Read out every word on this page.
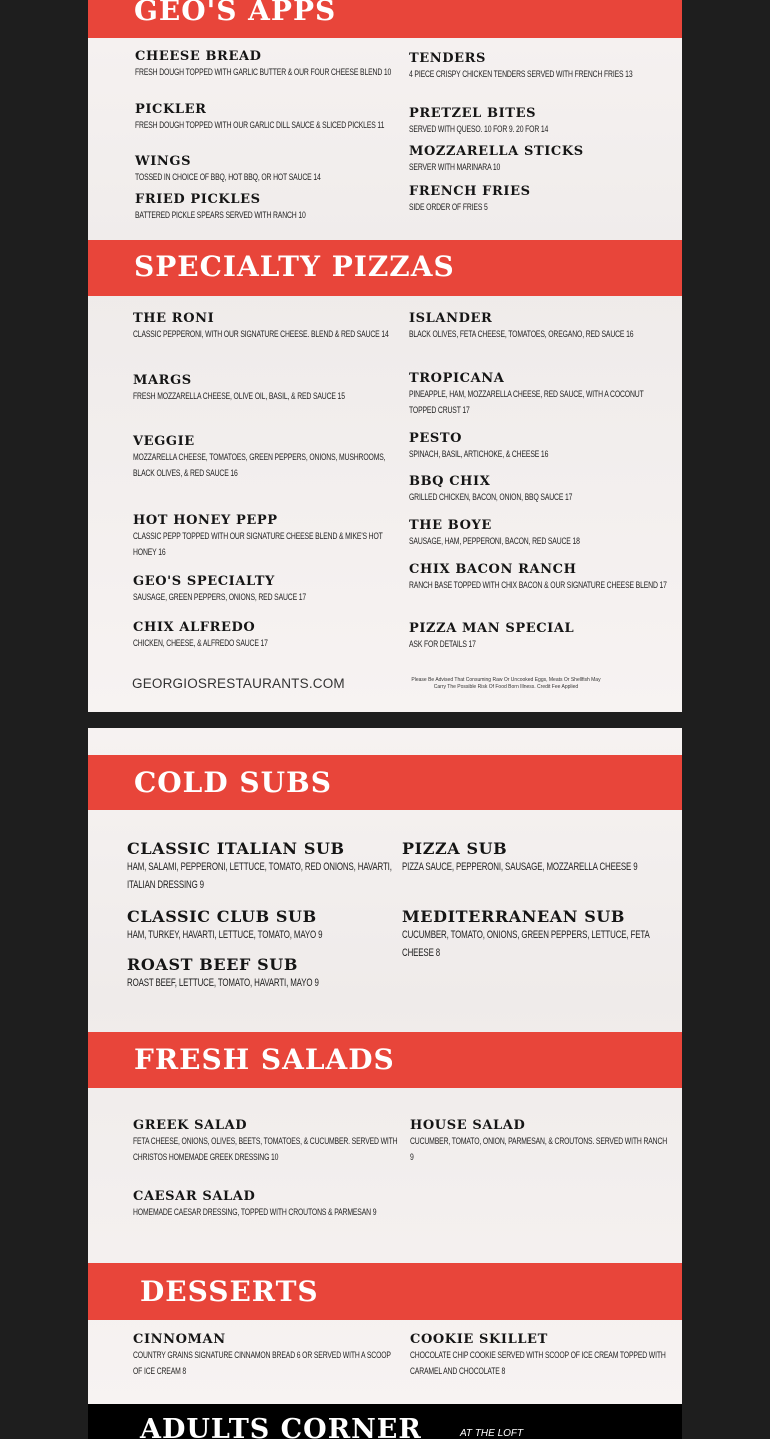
GEO'S APPS
SPECIALTY PIZZAS
GEORGIOSRESTAURANTS.COM	Please Be Advised That Consuming Raw Or Uncooked Eggs, Meats Or Shellfish May Carry The Possible Risk Of Food Born Illness. Credit Fee Applied
CHEESE BREAD
FRESH DOUGH TOPPED WITH GARLIC BUTTER & OUR FOUR CHEESE BLEND 10
PICKLER
FRESH DOUGH TOPPED WITH OUR GARLIC DILL SAUCE & SLICED PICKLES 11
WINGS
TOSSED IN CHOICE OF BBQ, HOT BBQ, OR HOT SAUCE 14
FRIED PICKLES
BATTERED PICKLE SPEARS SERVED WITH RANCH 10
TENDERS
4 PIECE CRISPY CHICKEN TENDERS SERVED WITH FRENCH FRIES 13
PRETZEL BITES
SERVED WITH QUESO. 10 FOR 9. 20 FOR 14
MOZZARELLA STICKS
SERVER WITH MARINARA 10
FRENCH FRIES
SIDE ORDER OF FRIES 5
THE RONI
CLASSIC PEPPERONI, WITH OUR SIGNATURE CHEESE. BLEND & RED SAUCE 14
MARGS
FRESH MOZZARELLA CHEESE, OLIVE OIL, BASIL, & RED SAUCE 15
VEGGIE
MOZZARELLA CHEESE, TOMATOES, GREEN PEPPERS, ONIONS, MUSHROOMS, BLACK OLIVES, & RED SAUCE 16
HOT HONEY PEPP
CLASSIC PEPP TOPPED WITH OUR SIGNATURE CHEESE BLEND & MIKE'S HOT HONEY 16
GEO'S SPECIALTY
SAUSAGE, GREEN PEPPERS, ONIONS, RED SAUCE 17
CHIX ALFREDO
CHICKEN, CHEESE, & ALFREDO SAUCE 17
ISLANDER
BLACK OLIVES, FETA CHEESE, TOMATOES, OREGANO, RED SAUCE 16
TROPICANA
PINEAPPLE, HAM, MOZZARELLA CHEESE, RED SAUCE, WITH A COCONUT TOPPED CRUST 17
PESTO
SPINACH, BASIL, ARTICHOKE, & CHEESE 16
BBQ CHIX
GRILLED CHICKEN, BACON, ONION, BBQ SAUCE 17
THE BOYE
SAUSAGE, HAM, PEPPERONI, BACON, RED SAUCE 18
CHIX BACON RANCH
RANCH BASE TOPPED WITH CHIX BACON & OUR SIGNATURE CHEESE BLEND 17
PIZZA MAN SPECIAL
ASK FOR DETAILS 17
COLD SUBS
FRESH SALADS
DESSERTS
CLASSIC ITALIAN SUB
HAM, SALAMI, PEPPERONI, LETTUCE, TOMATO, RED ONIONS, HAVARTI, ITALIAN DRESSING 9
CLASSIC CLUB SUB
HAM, TURKEY, HAVARTI, LETTUCE, TOMATO, MAYO 9
ROAST BEEF SUB
ROAST BEEF, LETTUCE, TOMATO, HAVARTI, MAYO 9
PIZZA SUB
PIZZA SAUCE, PEPPERONI, SAUSAGE, MOZZARELLA CHEESE 9
MEDITERRANEAN SUB
CUCUMBER, TOMATO, ONIONS, GREEN PEPPERS, LETTUCE, FETA CHEESE 8
GREEK SALAD
FETA CHEESE, ONIONS, OLIVES, BEETS, TOMATOES, & CUCUMBER. SERVED WITH CHRISTOS HOMEMADE GREEK DRESSING 10
CAESAR SALAD
HOMEMADE CAESAR DRESSING, TOPPED WITH CROUTONS & PARMESAN 9
HOUSE SALAD
CUCUMBER, TOMATO, ONION, PARMESAN, & CROUTONS. SERVED WITH RANCH 9
CINNOMAN
COUNTRY GRAINS SIGNATURE CINNAMON BREAD 6 OR SERVED WITH A SCOOP OF ICE CREAM 8
COOKIE SKILLET
CHOCOLATE CHIP COOKIE SERVED WITH SCOOP OF ICE CREAM TOPPED WITH CARAMEL AND CHOCOLATE 8
ADULTS CORNER	AT THE LOFT
